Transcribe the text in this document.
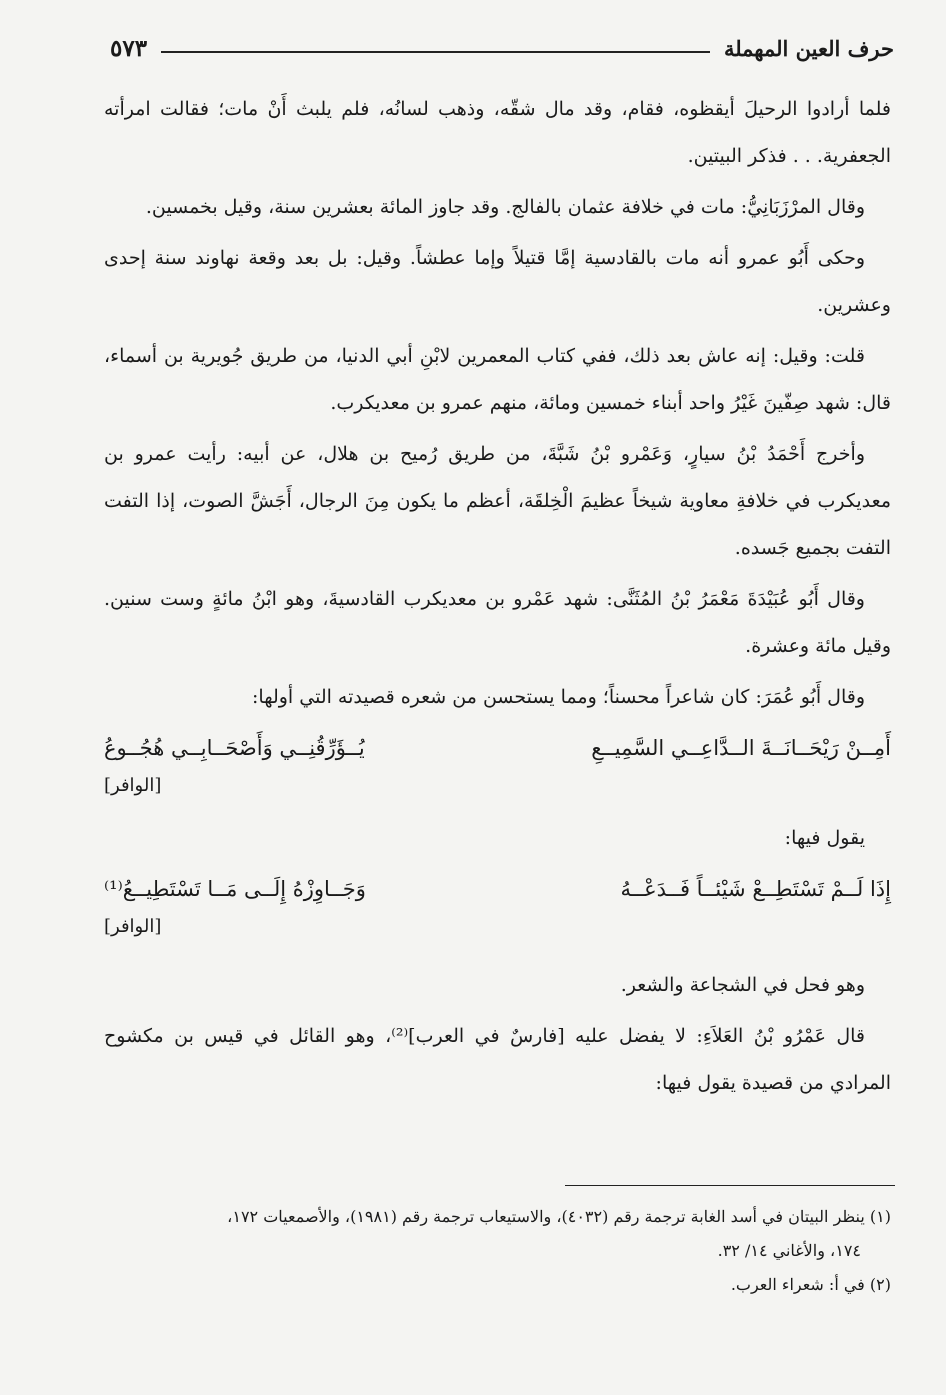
حرف العين المهملة
٥٧٣

فلما أرادوا الرحيلَ أيقظوه، فقام، وقد مال شقّه، وذهب لسانُه، فلم يلبث أَنْ مات؛ فقالت امرأته الجعفرية. . . فذكر البيتين.

وقال المرْزَبَانِيُّ: مات في خلافة عثمان بالفالج. وقد جاوز المائة بعشرين سنة، وقيل بخمسين.

وحكى أَبُو عمرو أنه مات بالقادسية إمَّا قتيلاً وإما عطشاً. وقيل: بل بعد وقعة نهاوند سنة إحدى وعشرين.

قلت: وقيل: إنه عاش بعد ذلك، ففي كتاب المعمرين لابْنِ أبي الدنيا، من طريق جُويرية بن أسماء، قال: شهد صِفّينَ غَيْرُ واحد أبناء خمسين ومائة، منهم عمرو بن معديكرب.

وأخرج أَحْمَدُ بْنُ سيارٍ، وَعَمْرو بْنُ شَبَّةَ، من طريق رُميح بن هلال، عن أبيه: رأيت عمرو بن معديكرب في خلافةِ معاوية شيخاً عظيمَ الْخِلقَة، أعظم ما يكون مِنَ الرجال، أَجَشَّ الصوت، إذا التفت التفت بجميع جَسده.

وقال أَبُو عُبَيْدَةَ مَعْمَرُ بْنُ المُثَنَّى: شهد عَمْرو بن معديكرب القادسيةَ، وهو ابْنُ مائةٍ وست سنين. وقيل مائة وعشرة.

وقال أَبُو عُمَرَ: كان شاعراً محسناً؛ ومما يستحسن من شعره قصيدته التي أولها:

أَمِــنْ رَيْحَــانَــةَ الــدَّاعِــي السَّمِيــعِ
يُــؤَرِّقُنِــي وَأَصْحَــابِــي هُجُــوعُ
[الوافر]

يقول فيها:

إِذَا لَــمْ تَسْتَطِــعْ شَيْئــاً فَــدَعْــهُ
وَجَــاوِزْهُ إِلَــى مَــا تَسْتَطِيــعُ⁽¹⁾
[الوافر]

وهو فحل في الشجاعة والشعر.

قال عَمْرُو بْنُ العَلاَءِ: لا يفضل عليه [فارسٌ في العرب]⁽²⁾، وهو القائل في قيس بن مكشوح المرادي من قصيدة يقول فيها:

(١) ينظر البيتان في أسد الغابة ترجمة رقم (٤٠٣٢)، والاستيعاب ترجمة رقم (١٩٨١)، والأصمعيات ١٧٢،

١٧٤، والأغاني ١٤/ ٣٢.

(٢) في أ: شعراء العرب.
